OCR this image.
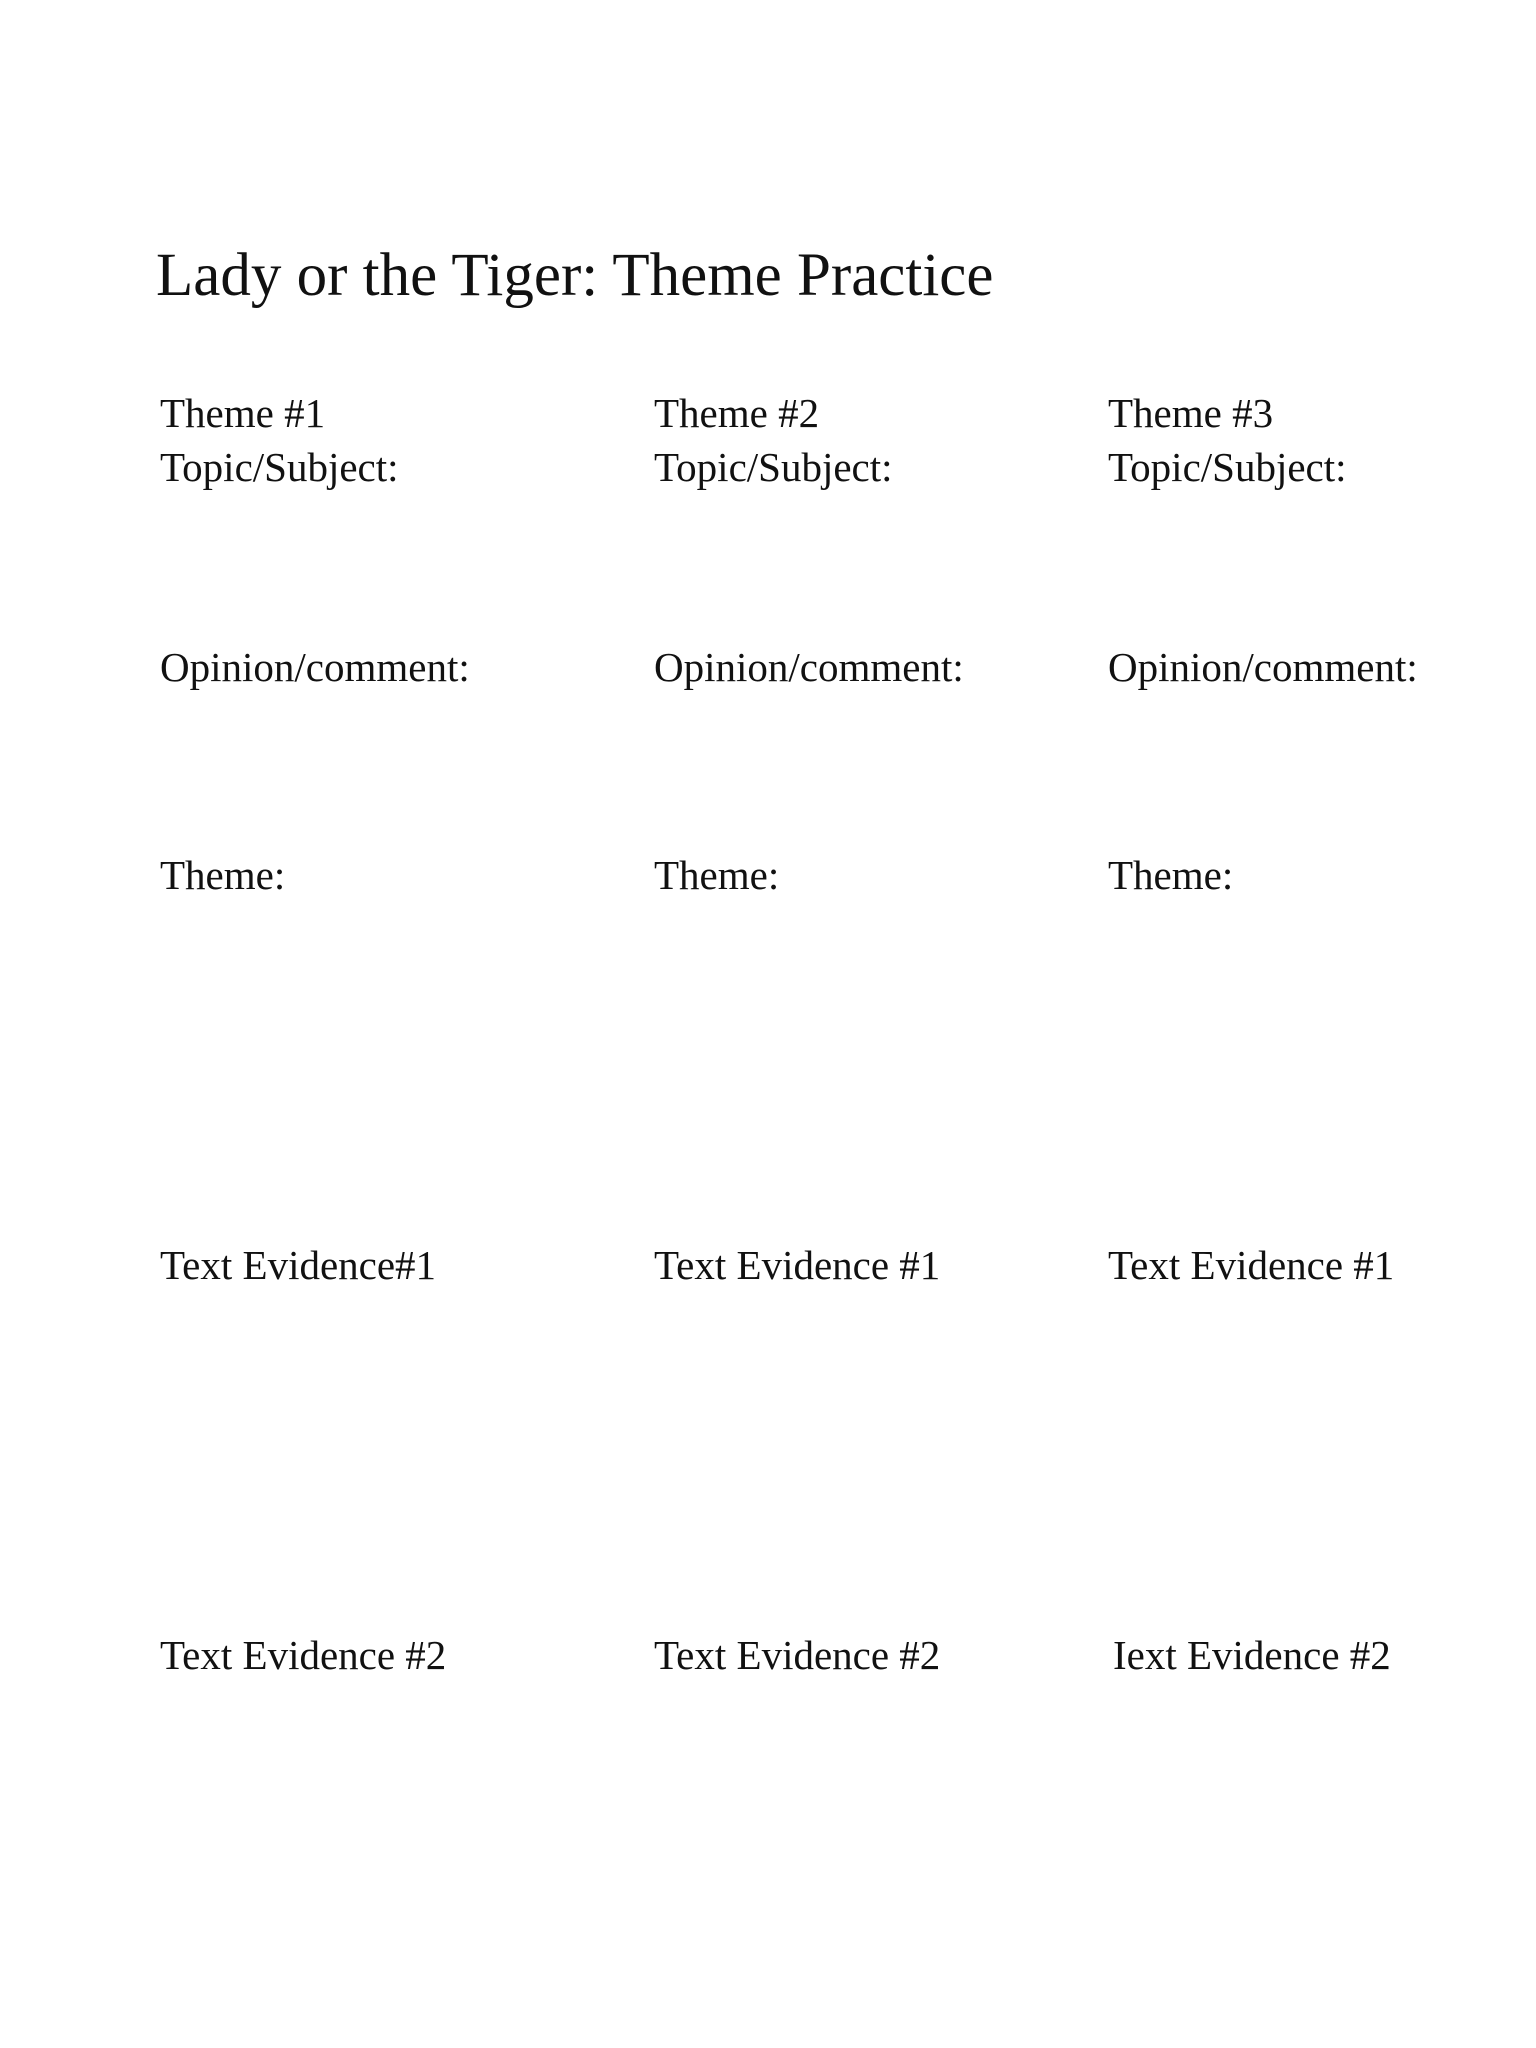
Lady or the Tiger: Theme Practice
Theme #1
Topic/Subject:
Opinion/comment:
Theme:
Text Evidence#1
Text Evidence #2
Theme #2
Topic/Subject:
Opinion/comment:
Theme:
Text Evidence #1
Text Evidence #2
Theme #3
Topic/Subject:
Opinion/comment:
Theme:
Text Evidence #1
Iext Evidence #2
